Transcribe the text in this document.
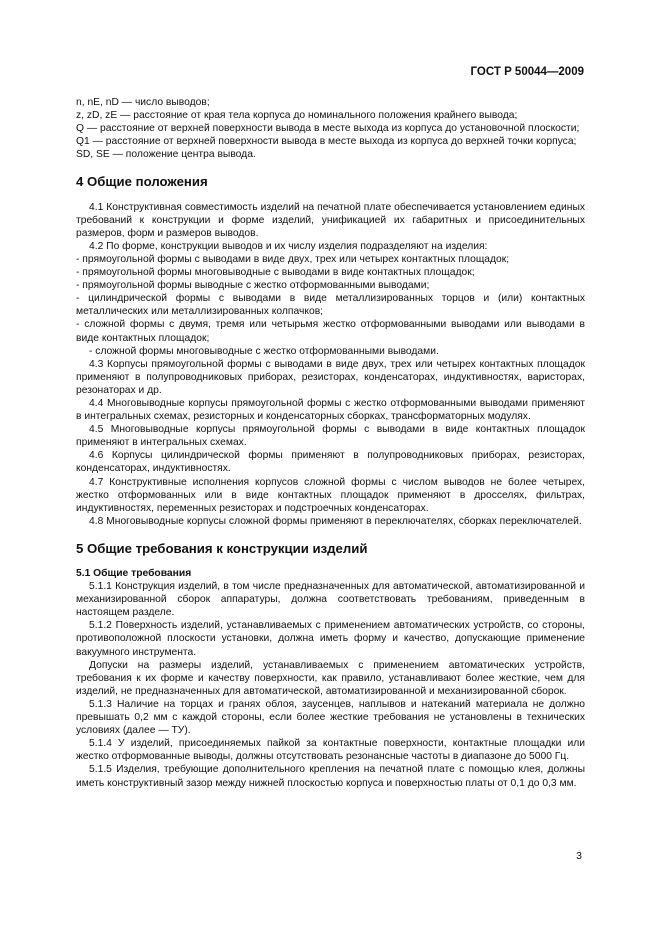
ГОСТ Р 50044—2009

n, nE, nD — число выводов;

z, zD, zE — расстояние от края тела корпуса до номинального положения крайнего вывода;

Q — расстояние от верхней поверхности вывода в месте выхода из корпуса до установочной плоскости;

Q1 — расстояние от верхней поверхности вывода в месте выхода из корпуса до верхней точки корпуса;

SD, SE — положение центра вывода.

4 Общие положения

4.1 Конструктивная совместимость изделий на печатной плате обеспечивается установлением единых требований к конструкции и форме изделий, унификацией их габаритных и присоединительных размеров, форм и размеров выводов.

4.2 По форме, конструкции выводов и их числу изделия подразделяют на изделия:

- прямоугольной формы с выводами в виде двух, трех или четырех контактных площадок;

- прямоугольной формы многовыводные с выводами в виде контактных площадок;

- прямоугольной формы выводные с жестко отформованными выводами;

- цилиндрической формы с выводами в виде металлизированных торцов и (или) контактных металлических или металлизированных колпачков;

- сложной формы с двумя, тремя или четырьмя жестко отформованными выводами или выводами в виде контактных площадок;

- сложной формы многовыводные с жестко отформованными выводами.

4.3 Корпусы прямоугольной формы с выводами в виде двух, трех или четырех контактных площадок применяют в полупроводниковых приборах, резисторах, конденсаторах, индуктивностях, варисторах, резонаторах и др.

4.4 Многовыводные корпусы прямоугольной формы с жестко отформованными выводами применяют в интегральных схемах, резисторных и конденсаторных сборках, трансформаторных модулях.

4.5 Многовыводные корпусы прямоугольной формы с выводами в виде контактных площадок применяют в интегральных схемах.

4.6 Корпусы цилиндрической формы применяют в полупроводниковых приборах, резисторах, конденсаторах, индуктивностях.

4.7 Конструктивные исполнения корпусов сложной формы с числом выводов не более четырех, жестко отформованных или в виде контактных площадок применяют в дросселях, фильтрах, индуктивностях, переменных резисторах и подстроечных конденсаторах.

4.8 Многовыводные корпусы сложной формы применяют в переключателях, сборках переключателей.

5 Общие требования к конструкции изделий
5.1 Общие требования

5.1.1 Конструкция изделий, в том числе предназначенных для автоматической, автоматизированной и механизированной сборок аппаратуры, должна соответствовать требованиям, приведенным в настоящем разделе.

5.1.2 Поверхность изделий, устанавливаемых с применением автоматических устройств, со стороны, противоположной плоскости установки, должна иметь форму и качество, допускающие применение вакуумного инструмента.

Допуски на размеры изделий, устанавливаемых с применением автоматических устройств, требования к их форме и качеству поверхности, как правило, устанавливают более жесткие, чем для изделий, не предназначенных для автоматической, автоматизированной и механизированной сборок.

5.1.3 Наличие на торцах и гранях облоя, заусенцев, наплывов и натеканий материала не должно превышать 0,2 мм с каждой стороны, если более жесткие требования не установлены в технических условиях (далее — ТУ).

5.1.4 У изделий, присоединяемых пайкой за контактные поверхности, контактные площадки или жестко отформованные выводы, должны отсутствовать резонансные частоты в диапазоне до 5000 Гц.

5.1.5 Изделия, требующие дополнительного крепления на печатной плате с помощью клея, должны иметь конструктивный зазор между нижней плоскостью корпуса и поверхностью платы от 0,1 до 0,3 мм.

3
